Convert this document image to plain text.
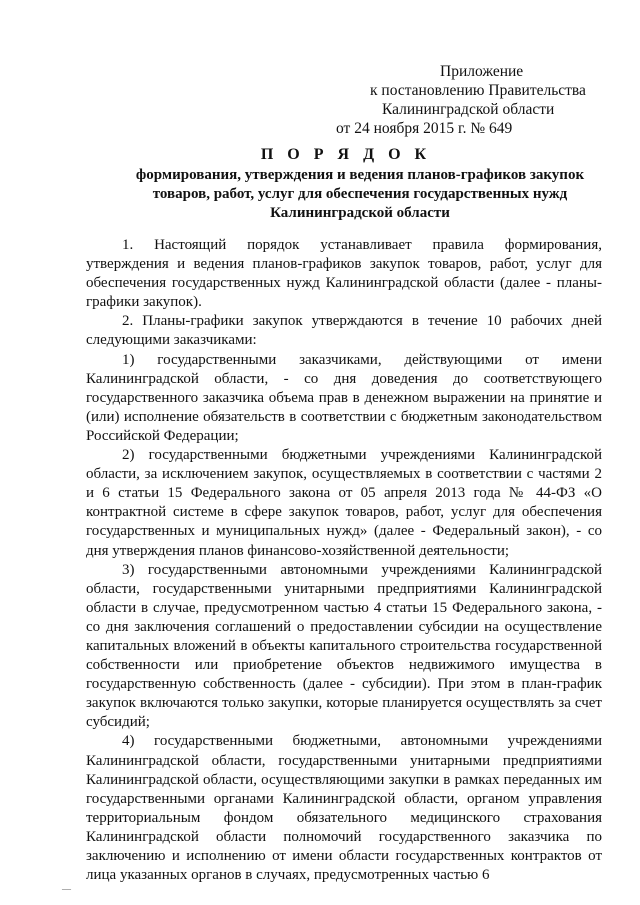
Приложение
к постановлению Правительства
Калининградской области
от 24 ноября 2015 г. № 649
П О Р Я Д О К
формирования, утверждения и ведения планов-графиков закупок товаров, работ, услуг для обеспечения государственных нужд Калининградской области

1. Настоящий порядок устанавливает правила формирования, утверждения и ведения планов-графиков закупок товаров, работ, услуг для обеспечения государственных нужд Калининградской области (далее - планы-графики закупок).

2. Планы-графики закупок утверждаются в течение 10 рабочих дней следующими заказчиками:

1) государственными заказчиками, действующими от имени Калининградской области, - со дня доведения до соответствующего государственного заказчика объема прав в денежном выражении на принятие и (или) исполнение обязательств в соответствии с бюджетным законодательством Российской Федерации;

2) государственными бюджетными учреждениями Калининградской области, за исключением закупок, осуществляемых в соответствии с частями 2 и 6 статьи 15 Федерального закона от 05 апреля 2013 года № 44-ФЗ «О контрактной системе в сфере закупок товаров, работ, услуг для обеспечения государственных и муниципальных нужд» (далее - Федеральный закон), - со дня утверждения планов финансово-хозяйственной деятельности;

3) государственными автономными учреждениями Калининградской области, государственными унитарными предприятиями Калининградской области в случае, предусмотренном частью 4 статьи 15 Федерального закона, - со дня заключения соглашений о предоставлении субсидии на осуществление капитальных вложений в объекты капитального строительства государственной собственности или приобретение объектов недвижимого имущества в государственную собственность (далее - субсидии). При этом в план-график закупок включаются только закупки, которые планируется осуществлять за счет субсидий;

4) государственными бюджетными, автономными учреждениями Калининградской области, государственными унитарными предприятиями Калининградской области, осуществляющими закупки в рамках переданных им государственными органами Калининградской области, органом управления территориальным фондом обязательного медицинского страхования Калининградской области полномочий государственного заказчика по заключению и исполнению от имени области государственных контрактов от лица указанных органов в случаях, предусмотренных частью 6

—
